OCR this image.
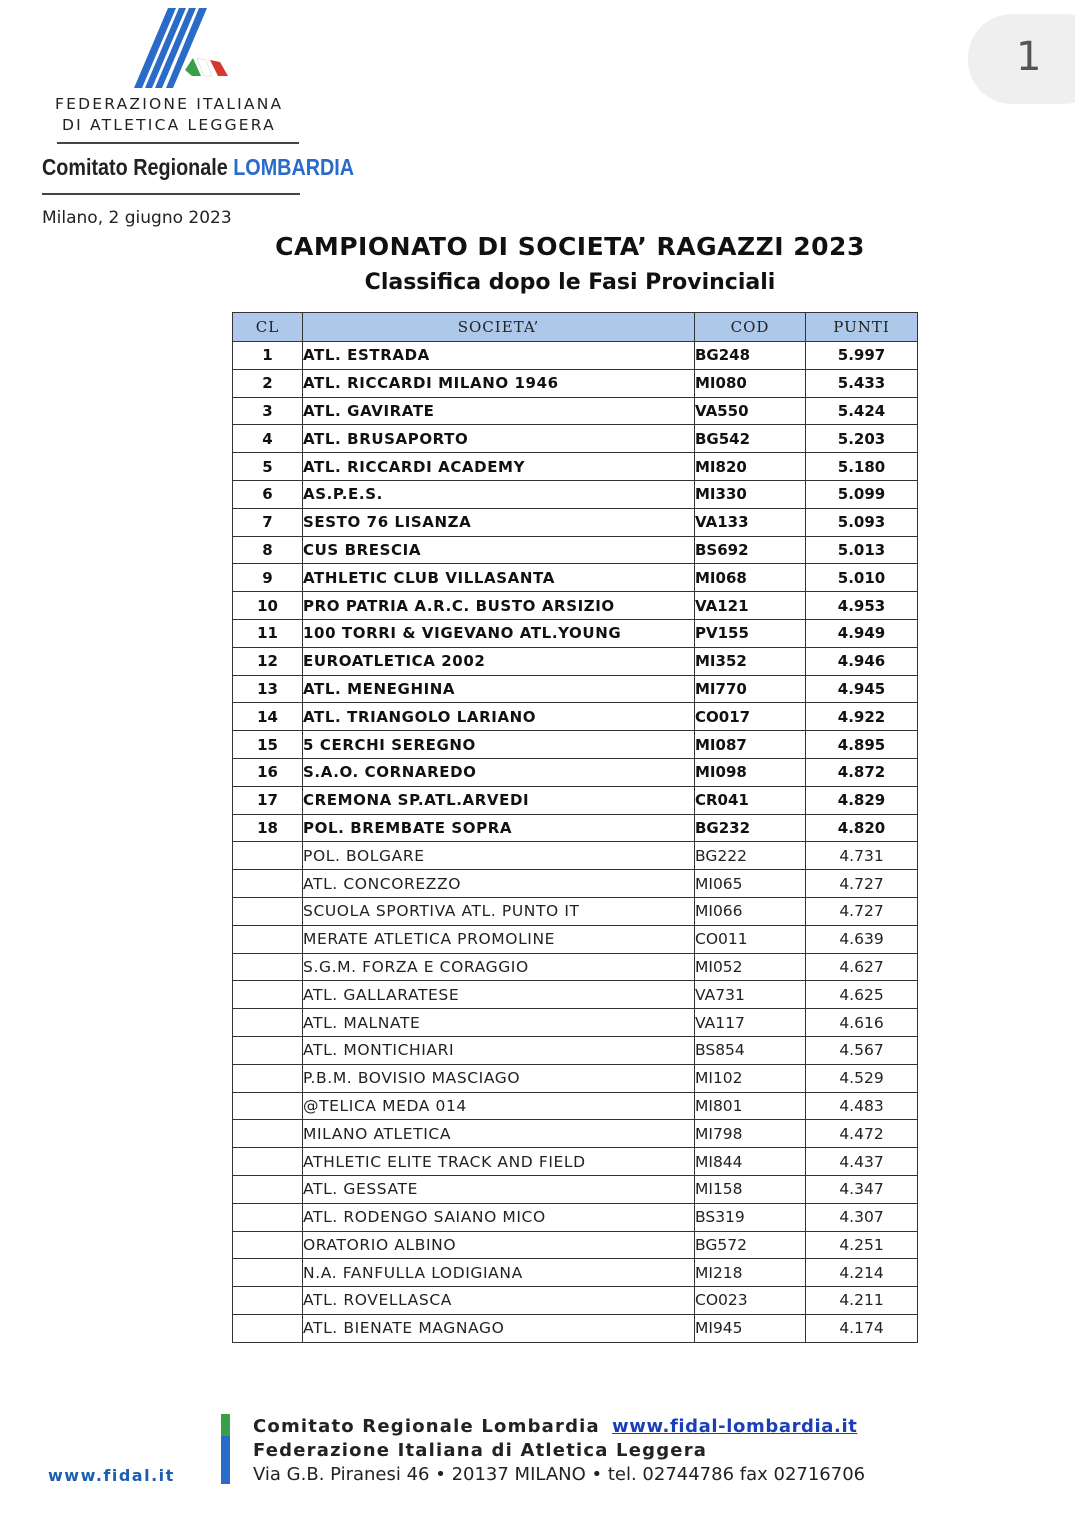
1
FEDERAZIONE ITALIANA
DI ATLETICA LEGGERA
Comitato Regionale LOMBARDIA
Milano, 2 giugno 2023
CAMPIONATO DI SOCIETA’ RAGAZZI 2023
Classifica dopo le Fasi Provinciali
CL	SOCIETA’	COD	PUNTI
1	ATL. ESTRADA	BG248	5.997
2	ATL. RICCARDI MILANO 1946	MI080	5.433
3	ATL. GAVIRATE	VA550	5.424
4	ATL. BRUSAPORTO	BG542	5.203
5	ATL. RICCARDI ACADEMY	MI820	5.180
6	AS.P.E.S.	MI330	5.099
7	SESTO 76 LISANZA	VA133	5.093
8	CUS BRESCIA	BS692	5.013
9	ATHLETIC CLUB VILLASANTA	MI068	5.010
10	PRO PATRIA A.R.C. BUSTO ARSIZIO	VA121	4.953
11	100 TORRI & VIGEVANO ATL.YOUNG	PV155	4.949
12	EUROATLETICA 2002	MI352	4.946
13	ATL. MENEGHINA	MI770	4.945
14	ATL. TRIANGOLO LARIANO	CO017	4.922
15	5 CERCHI SEREGNO	MI087	4.895
16	S.A.O. CORNAREDO	MI098	4.872
17	CREMONA SP.ATL.ARVEDI	CR041	4.829
18	POL. BREMBATE SOPRA	BG232	4.820
	POL. BOLGARE	BG222	4.731
	ATL. CONCOREZZO	MI065	4.727
	SCUOLA SPORTIVA ATL. PUNTO IT	MI066	4.727
	MERATE ATLETICA PROMOLINE	CO011	4.639
	S.G.M. FORZA E CORAGGIO	MI052	4.627
	ATL. GALLARATESE	VA731	4.625
	ATL. MALNATE	VA117	4.616
	ATL. MONTICHIARI	BS854	4.567
	P.B.M. BOVISIO MASCIAGO	MI102	4.529
	@TELICA MEDA 014	MI801	4.483
	MILANO ATLETICA	MI798	4.472
	ATHLETIC ELITE TRACK AND FIELD	MI844	4.437
	ATL. GESSATE	MI158	4.347
	ATL. RODENGO SAIANO MICO	BS319	4.307
	ORATORIO ALBINO	BG572	4.251
	N.A. FANFULLA LODIGIANA	MI218	4.214
	ATL. ROVELLASCA	CO023	4.211
	ATL. BIENATE MAGNAGO	MI945	4.174
Comitato Regionale Lombardia www.fidal-lombardia.it
Federazione Italiana di Atletica Leggera
Via G.B. Piranesi 46 • 20137 MILANO • tel. 02744786 fax 02716706
www.fidal.it
